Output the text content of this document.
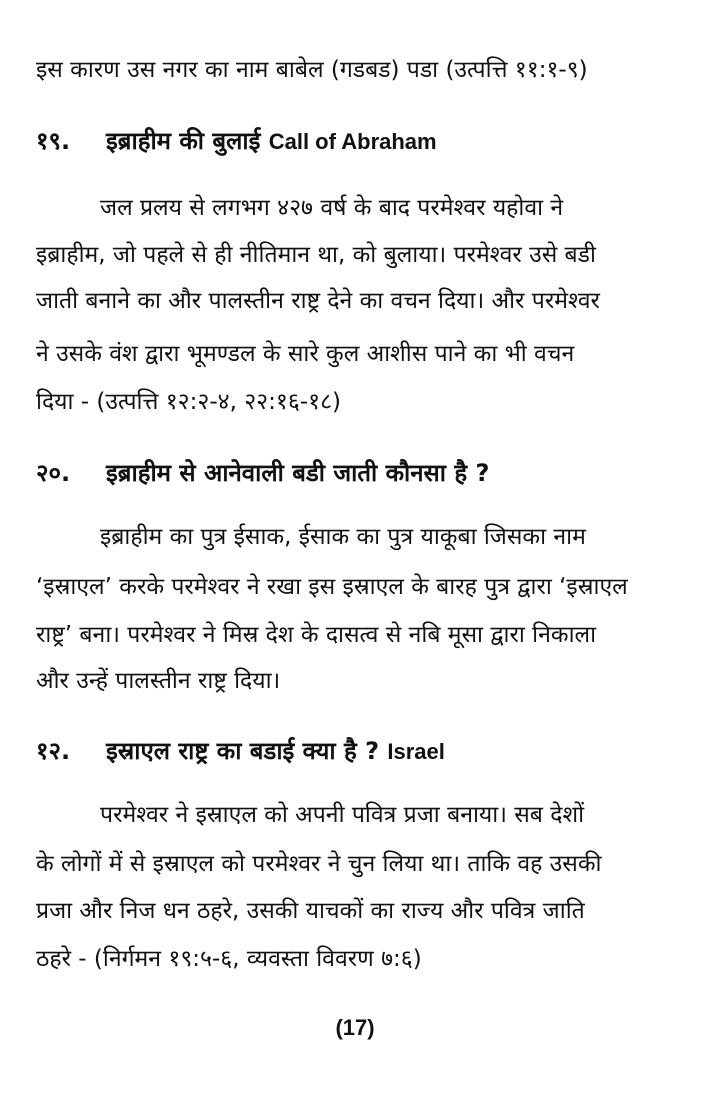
इस कारण उस नगर का नाम बाबेल (गडबड) पडा (उत्पत्ति ११:१-९)
१९. इब्राहीम की बुलाई Call of Abraham
जल प्रलय से लगभग ४२७ वर्ष के बाद परमेश्वर यहोवा ने
इब्राहीम, जो पहले से ही नीतिमान था, को बुलाया। परमेश्वर उसे बडी
जाती बनाने का और पालस्तीन राष्ट्र देने का वचन दिया। और परमेश्वर
ने उसके वंश द्वारा भूमण्डल के सारे कुल आशीस पाने का भी वचन
दिया - (उत्पत्ति १२:२-४, २२:१६-१८)
२०. इब्राहीम से आनेवाली बडी जाती कौनसा है ?
इब्राहीम का पुत्र ईसाक, ईसाक का पुत्र याकूबा जिसका नाम
‘इस्राएल’ करके परमेश्वर ने रखा इस इस्राएल के बारह पुत्र द्वारा ‘इस्राएल
राष्ट्र’ बना। परमेश्वर ने मिस्र देश के दासत्व से नबि मूसा द्वारा निकाला
और उन्हें पालस्तीन राष्ट्र दिया।
१२. इस्राएल राष्ट्र का बडाई क्या है ? Israel
परमेश्वर ने इस्राएल को अपनी पवित्र प्रजा बनाया। सब देशों
के लोगों में से इस्राएल को परमेश्वर ने चुन लिया था। ताकि वह उसकी
प्रजा और निज धन ठहरे, उसकी याचकों का राज्य और पवित्र जाति
ठहरे - (निर्गमन १९:५-६, व्यवस्ता विवरण ७:६)
(17)
